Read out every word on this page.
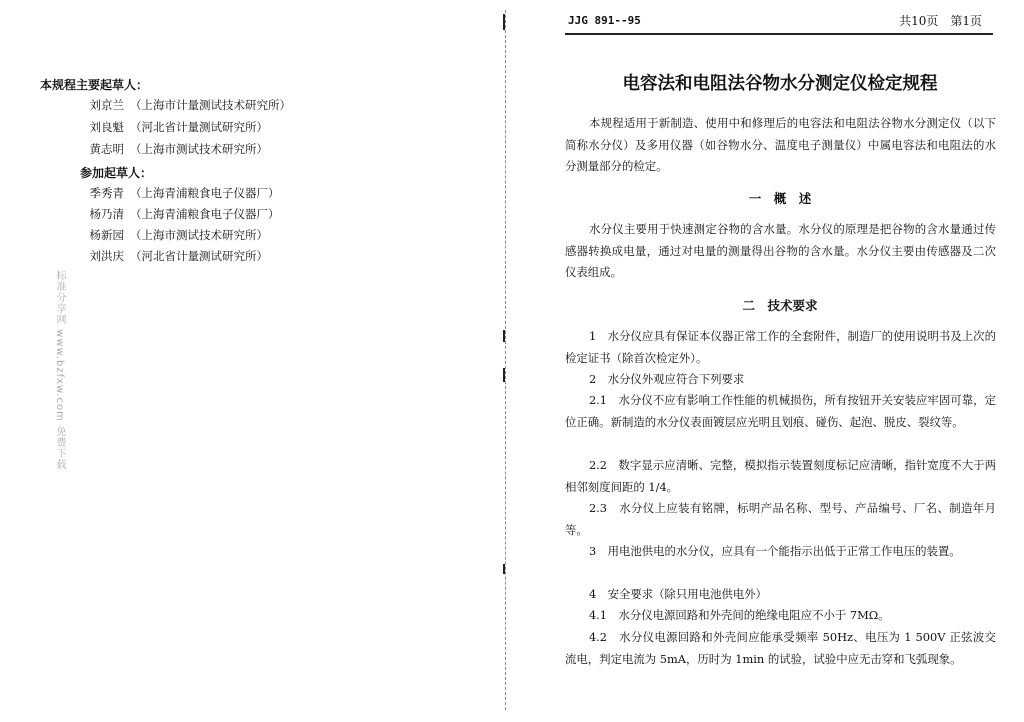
本规程主要起草人：
刘京兰 （上海市计量测试技术研究所）
刘良魁 （河北省计量测试研究所）
黄志明 （上海市测试技术研究所）
参加起草人：
季秀青 （上海青浦粮食电子仪器厂）
杨乃清 （上海青浦粮食电子仪器厂）
杨新园 （上海市测试技术研究所）
刘洪庆 （河北省计量测试研究所）
标准分享网 www.bzfxw.com 免费下载
JJG 891--95	共10页　第1页
电容法和电阻法谷物水分测定仪检定规程
本规程适用于新制造、使用中和修理后的电容法和电阻法谷物水分测定仪（以下简称水分仪）及多用仪器（如谷物水分、温度电子测量仪）中属电容法和电阻法的水分测量部分的检定。
一　概　述
水分仪主要用于快速测定谷物的含水量。水分仪的原理是把谷物的含水量通过传感器转换成电量，通过对电量的测量得出谷物的含水量。水分仪主要由传感器及二次仪表组成。
二　技术要求
1　水分仪应具有保证本仪器正常工作的全套附件，制造厂的使用说明书及上次的检定证书（除首次检定外）。
2　水分仪外观应符合下列要求
2.1　水分仪不应有影响工作性能的机械损伤，所有按钮开关安装应牢固可靠，定位正确。新制造的水分仪表面镀层应光明且划痕、碰伤、起泡、脱皮、裂纹等。
2.2　数字显示应清晰、完整，模拟指示装置刻度标记应清晰，指针宽度不大于两相邻刻度间距的 1/4。
2.3　水分仪上应装有铭牌，标明产品名称、型号、产品编号、厂名、制造年月等。
3　用电池供电的水分仪，应具有一个能指示出低于正常工作电压的装置。
4　安全要求（除只用电池供电外）
4.1　水分仪电源回路和外壳间的绝缘电阻应不小于 7MΩ。
4.2　水分仪电源回路和外壳间应能承受频率 50Hz、电压为 1 500V 正弦波交流电，判定电流为 5mA，历时为 1min 的试验，试验中应无击穿和飞弧现象。
